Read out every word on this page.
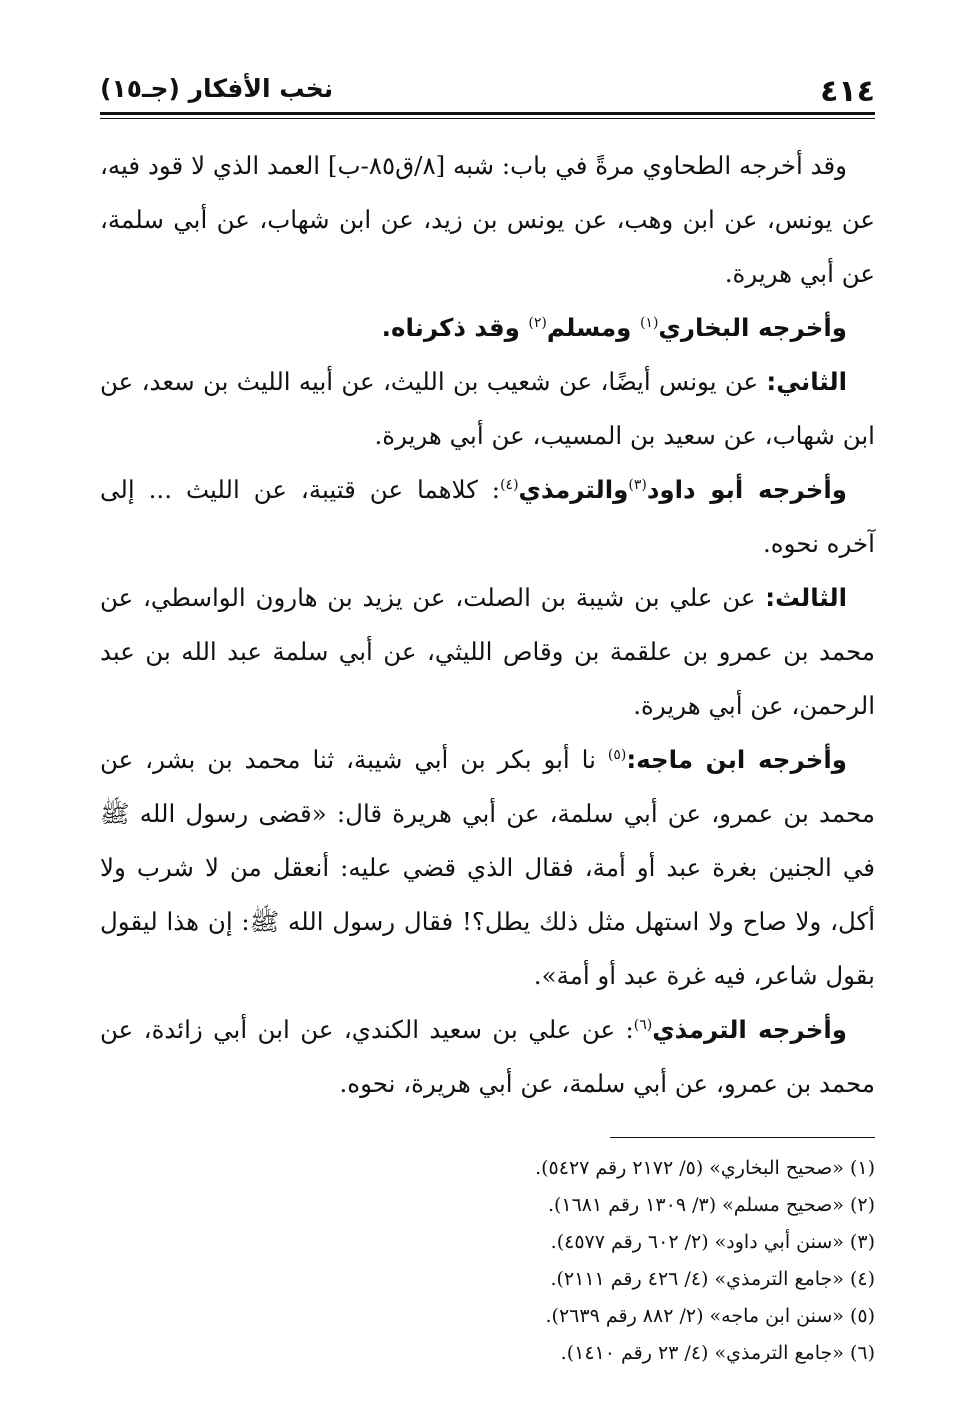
٤١٤
نخب الأفكار (جـ١٥)

وقد أخرجه الطحاوي مرةً في باب: شبه [٨/ق٨٥-ب] العمد الذي لا قود فيه، عن يونس، عن ابن وهب، عن يونس بن زيد، عن ابن شهاب، عن أبي سلمة، عن أبي هريرة.

وأخرجه البخاري$^{(١)}$ ومسلم$^{(٢)}$ وقد ذكرناه.

الثاني: عن يونس أيضًا، عن شعيب بن الليث، عن أبيه الليث بن سعد، عن ابن شهاب، عن سعيد بن المسيب، عن أبي هريرة.

وأخرجه أبو داود$^{(٣)}$والترمذي$^{(٤)}$: كلاهما عن قتيبة، عن الليث ... إلى آخره نحوه.

الثالث: عن علي بن شيبة بن الصلت، عن يزيد بن هارون الواسطي، عن محمد بن عمرو بن علقمة بن وقاص الليثي، عن أبي سلمة عبد الله بن عبد الرحمن، عن أبي هريرة.

وأخرجه ابن ماجه:$^{(٥)}$ نا أبو بكر بن أبي شيبة، ثنا محمد بن بشر، عن محمد بن عمرو، عن أبي سلمة، عن أبي هريرة قال: «قضى رسول الله ﷺ في الجنين بغرة عبد أو أمة، فقال الذي قضي عليه: أنعقل من لا شرب ولا أكل، ولا صاح ولا استهل مثل ذلك يطل؟! فقال رسول الله ﷺ: إن هذا ليقول بقول شاعر، فيه غرة عبد أو أمة».

وأخرجه الترمذي$^{(٦)}$: عن علي بن سعيد الكندي، عن ابن أبي زائدة، عن محمد بن عمرو، عن أبي سلمة، عن أبي هريرة، نحوه.

(١) «صحيح البخاري» (٥/ ٢١٧٢ رقم ٥٤٢٧).

(٢) «صحيح مسلم» (٣/ ١٣٠٩ رقم ١٦٨١).

(٣) «سنن أبي داود» (٢/ ٦٠٢ رقم ٤٥٧٧).

(٤) «جامع الترمذي» (٤/ ٤٢٦ رقم ٢١١١).

(٥) «سنن ابن ماجه» (٢/ ٨٨٢ رقم ٢٦٣٩).

(٦) «جامع الترمذي» (٤/ ٢٣ رقم ١٤١٠).
